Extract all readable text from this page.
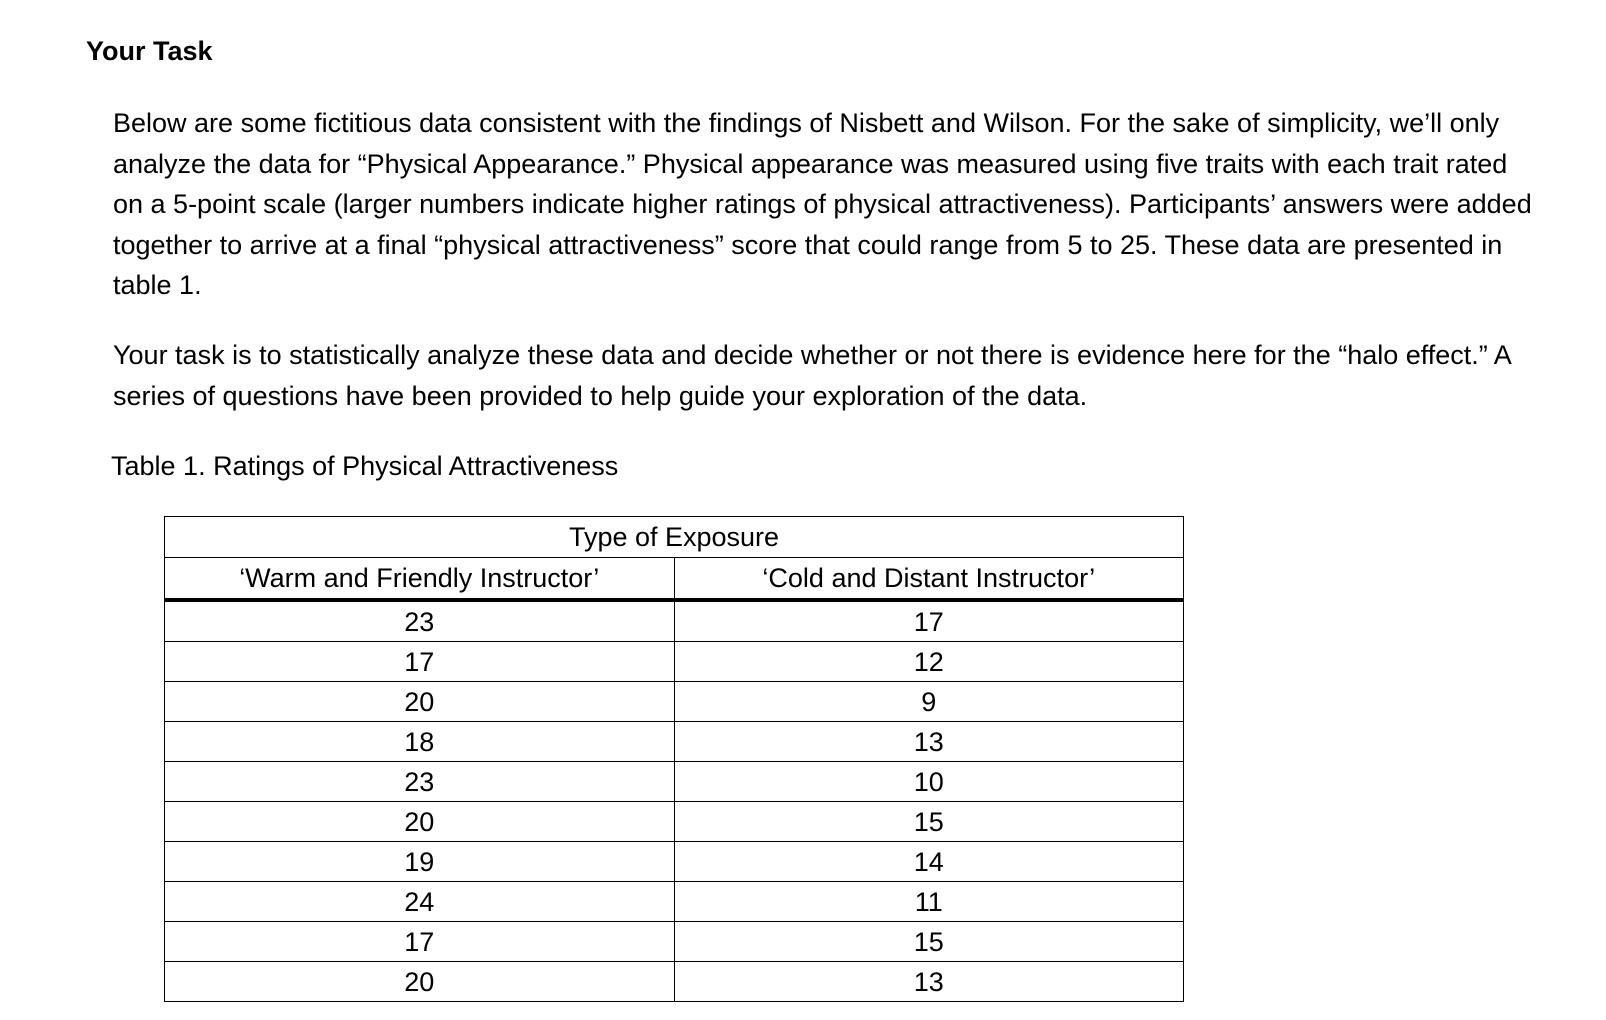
Your Task
Below are some fictitious data consistent with the findings of Nisbett and Wilson. For the sake of simplicity, we’ll only analyze the data for “Physical Appearance.” Physical appearance was measured using five traits with each trait rated on a 5-point scale (larger numbers indicate higher ratings of physical attractiveness). Participants’ answers were added together to arrive at a final “physical attractiveness” score that could range from 5 to 25. These data are presented in table 1.
Your task is to statistically analyze these data and decide whether or not there is evidence here for the “halo effect.” A series of questions have been provided to help guide your exploration of the data.
Table 1. Ratings of Physical Attractiveness
Type of Exposure	
‘Warm and Friendly Instructor’	‘Cold and Distant Instructor’
23	17
17	12
20	9
18	13
23	10
20	15
19	14
24	11
17	15
20	13
